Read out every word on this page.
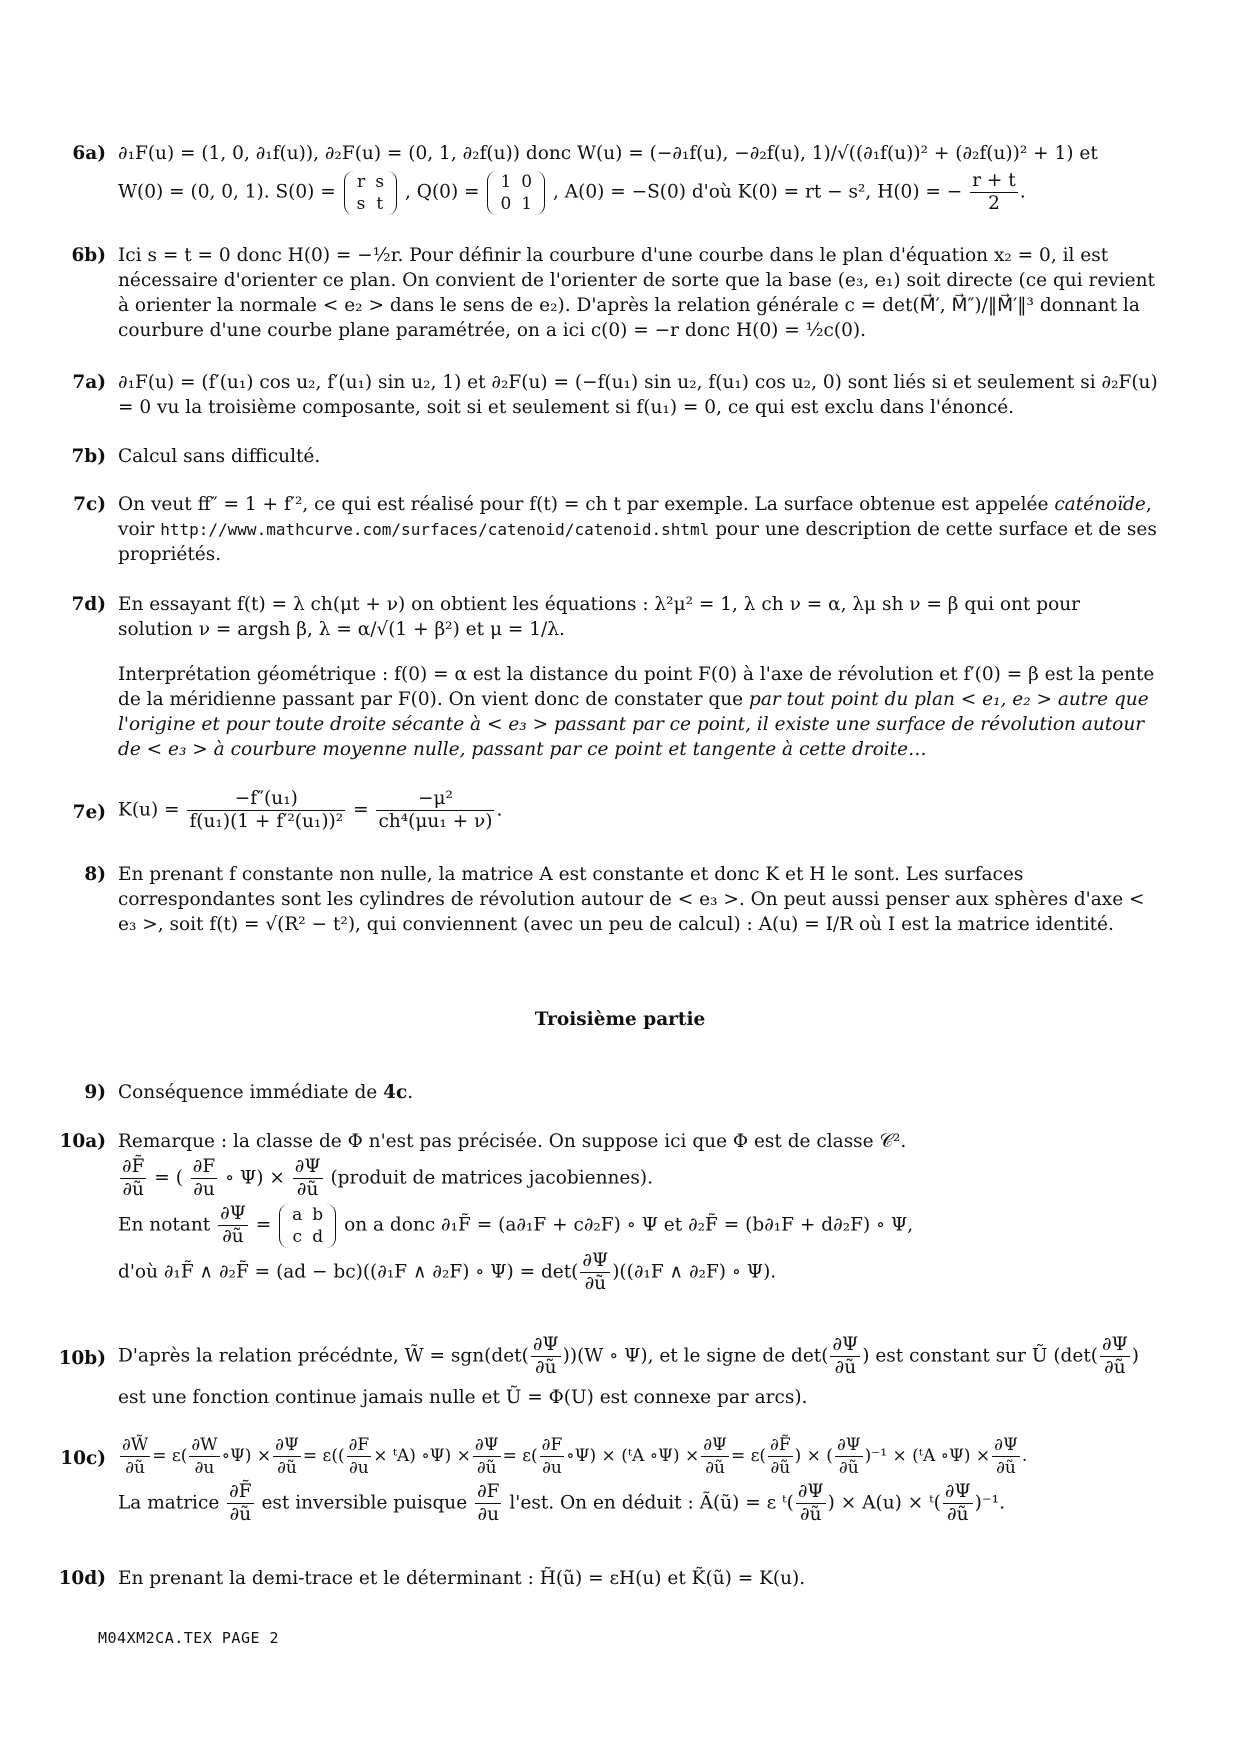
6a) ∂₁F(u) = (1, 0, ∂₁f(u)), ∂₂F(u) = (0, 1, ∂₂f(u)) donc W(u) = (−∂₁f(u), −∂₂f(u), 1)/√((∂₁f(u))² + (∂₂f(u))² + 1) et
W(0) = (0, 0, 1). S(0) = r	s
s	t
, Q(0) = 1	0
0	1
, A(0) = −S(0) d'où K(0) = rt − s², H(0) = − $\frac{r + t}{2}$ .
6b) Ici s = t = 0 donc H(0) = −½r. Pour définir la courbure d'une courbe dans le plan d'équation x₂ = 0, il est nécessaire d'orienter ce plan. On convient de l'orienter de sorte que la base (e₃, e₁) soit directe (ce qui revient à orienter la normale < e₂ > dans le sens de e₂). D'après la relation générale c = det(M⃗′, M⃗″)/‖M⃗′‖³ donnant la courbure d'une courbe plane paramétrée, on a ici c(0) = −r donc H(0) = ½c(0).

7a) ∂₁F(u) = (f′(u₁) cos u₂, f′(u₁) sin u₂, 1) et ∂₂F(u) = (−f(u₁) sin u₂, f(u₁) cos u₂, 0) sont liés si et seulement si ∂₂F(u) = 0 vu la troisième composante, soit si et seulement si f(u₁) = 0, ce qui est exclu dans l'énoncé.

7b) Calcul sans difficulté.

7c) On veut ff″ = 1 + f′², ce qui est réalisé pour f(t) = ch t par exemple. La surface obtenue est appelée caténoïde, voir http://www.mathcurve.com/surfaces/catenoid/catenoid.shtml pour une description de cette surface et de ses propriétés.

7d) En essayant f(t) = λ ch(μt + ν) on obtient les équations : λ²μ² = 1, λ ch ν = α, λμ sh ν = β qui ont pour solution ν = argsh β, λ = α/√(1 + β²) et μ = 1/λ.

Interprétation géométrique : f(0) = α est la distance du point F(0) à l'axe de révolution et f′(0) = β est la pente de la méridienne passant par F(0). On vient donc de constater que par tout point du plan < e₁, e₂ > autre que l'origine et pour toute droite sécante à < e₃ > passant par ce point, il existe une surface de révolution autour de < e₃ > à courbure moyenne nulle, passant par ce point et tangente à cette droite…

7e) $K(u) = \frac{\text{−f″(u₁)}}{\text{f(u₁)(1 + f′²(u₁))²}} = \frac{\text{−μ²}}{\text{ch⁴(μu₁ + ν)}}$ .
8) En prenant f constante non nulle, la matrice A est constante et donc K et H le sont. Les surfaces correspondantes sont les cylindres de révolution autour de < e₃ >. On peut aussi penser aux sphères d'axe < e₃ >, soit f(t) = √(R² − t²), qui conviennent (avec un peu de calcul) : A(u) = I/R où I est la matrice identité.

Troisième partie
9) Conséquence immédiate de 4c.

10a) Remarque : la classe de Φ n'est pas précisée. On suppose ici que Φ est de classe 𝒞².
$\frac{\partial F̃}{\partial ũ}$ = ( $\frac{\partial F}{\partial u}$ ∘ $\Psi) \times \frac{\partial\Psi}{\partial ũ}$ (produit de matrices jacobiennes).
En notant $\frac{\partial\Psi}{\partial ũ} = a$	b
c	d
on a donc ∂₁F̃ = (a∂₁F + c∂₂F) ∘ Ψ et ∂₂F̃ = (b∂₁F + d∂₂F) ∘ Ψ,
d'où ∂₁F̃ ∧ ∂₂F̃ = (ad − bc)((∂₁F ∧ ∂₂F) ∘ $\Psi) = \det( \frac{\partial\Psi}{\partial ũ} )((\partial_1F$ ∧ ∂₂F) ∘ Ψ).
10b) D'après la relation précédnte, W̃ = $sgn(\det( \frac{\partial\Psi}{\partial ũ} ))(W$ ∘ Ψ), et le signe de $\det( \frac{\partial\Psi}{\partial ũ}$ ) est constant sur Ũ ($\det( \frac{\partial\Psi}{\partial ũ}$ )
est une fonction continue jamais nulle et Ũ = Φ(U) est connexe par arcs).
$10c) \frac{\partial W̃}{\partial ũ} = \varepsilon( \frac{\partial W}{\partial u}$ ∘Ψ) × $\frac{\partial\Psi}{\partial ũ} = \varepsilon(( \frac{\partial F}{\partial u}$ × ᵗA) ∘Ψ) × $\frac{\partial\Psi}{\partial ũ} = \varepsilon( \frac{\partial F}{\partial u}$ ∘Ψ) × (ᵗA ∘Ψ) × $\frac{\partial\Psi}{\partial ũ} = \varepsilon( \frac{\partial F̃}{\partial ũ}$ ) × ( $\frac{\partial\Psi}{\partial ũ} )^{-1}$ × (ᵗA ∘Ψ) × $\frac{\partial\Psi}{\partial ũ}$ .
La matrice $\frac{\partial F̃}{\partial ũ}$ est inversible puisque $\frac{\partial F}{\partial u} l'est$. On en déduit : Ã(ũ) = ε ᵗ( $\frac{\partial\Psi}{\partial ũ}$ ) × A(u) × ᵗ( $\frac{\partial\Psi}{\partial ũ} )^{-1}$.
10d) En prenant la demi-trace et le déterminant : H̃(ũ) = εH(u) et K̃(ũ) = K(u).

M04XM2CA.TEX PAGE 2
